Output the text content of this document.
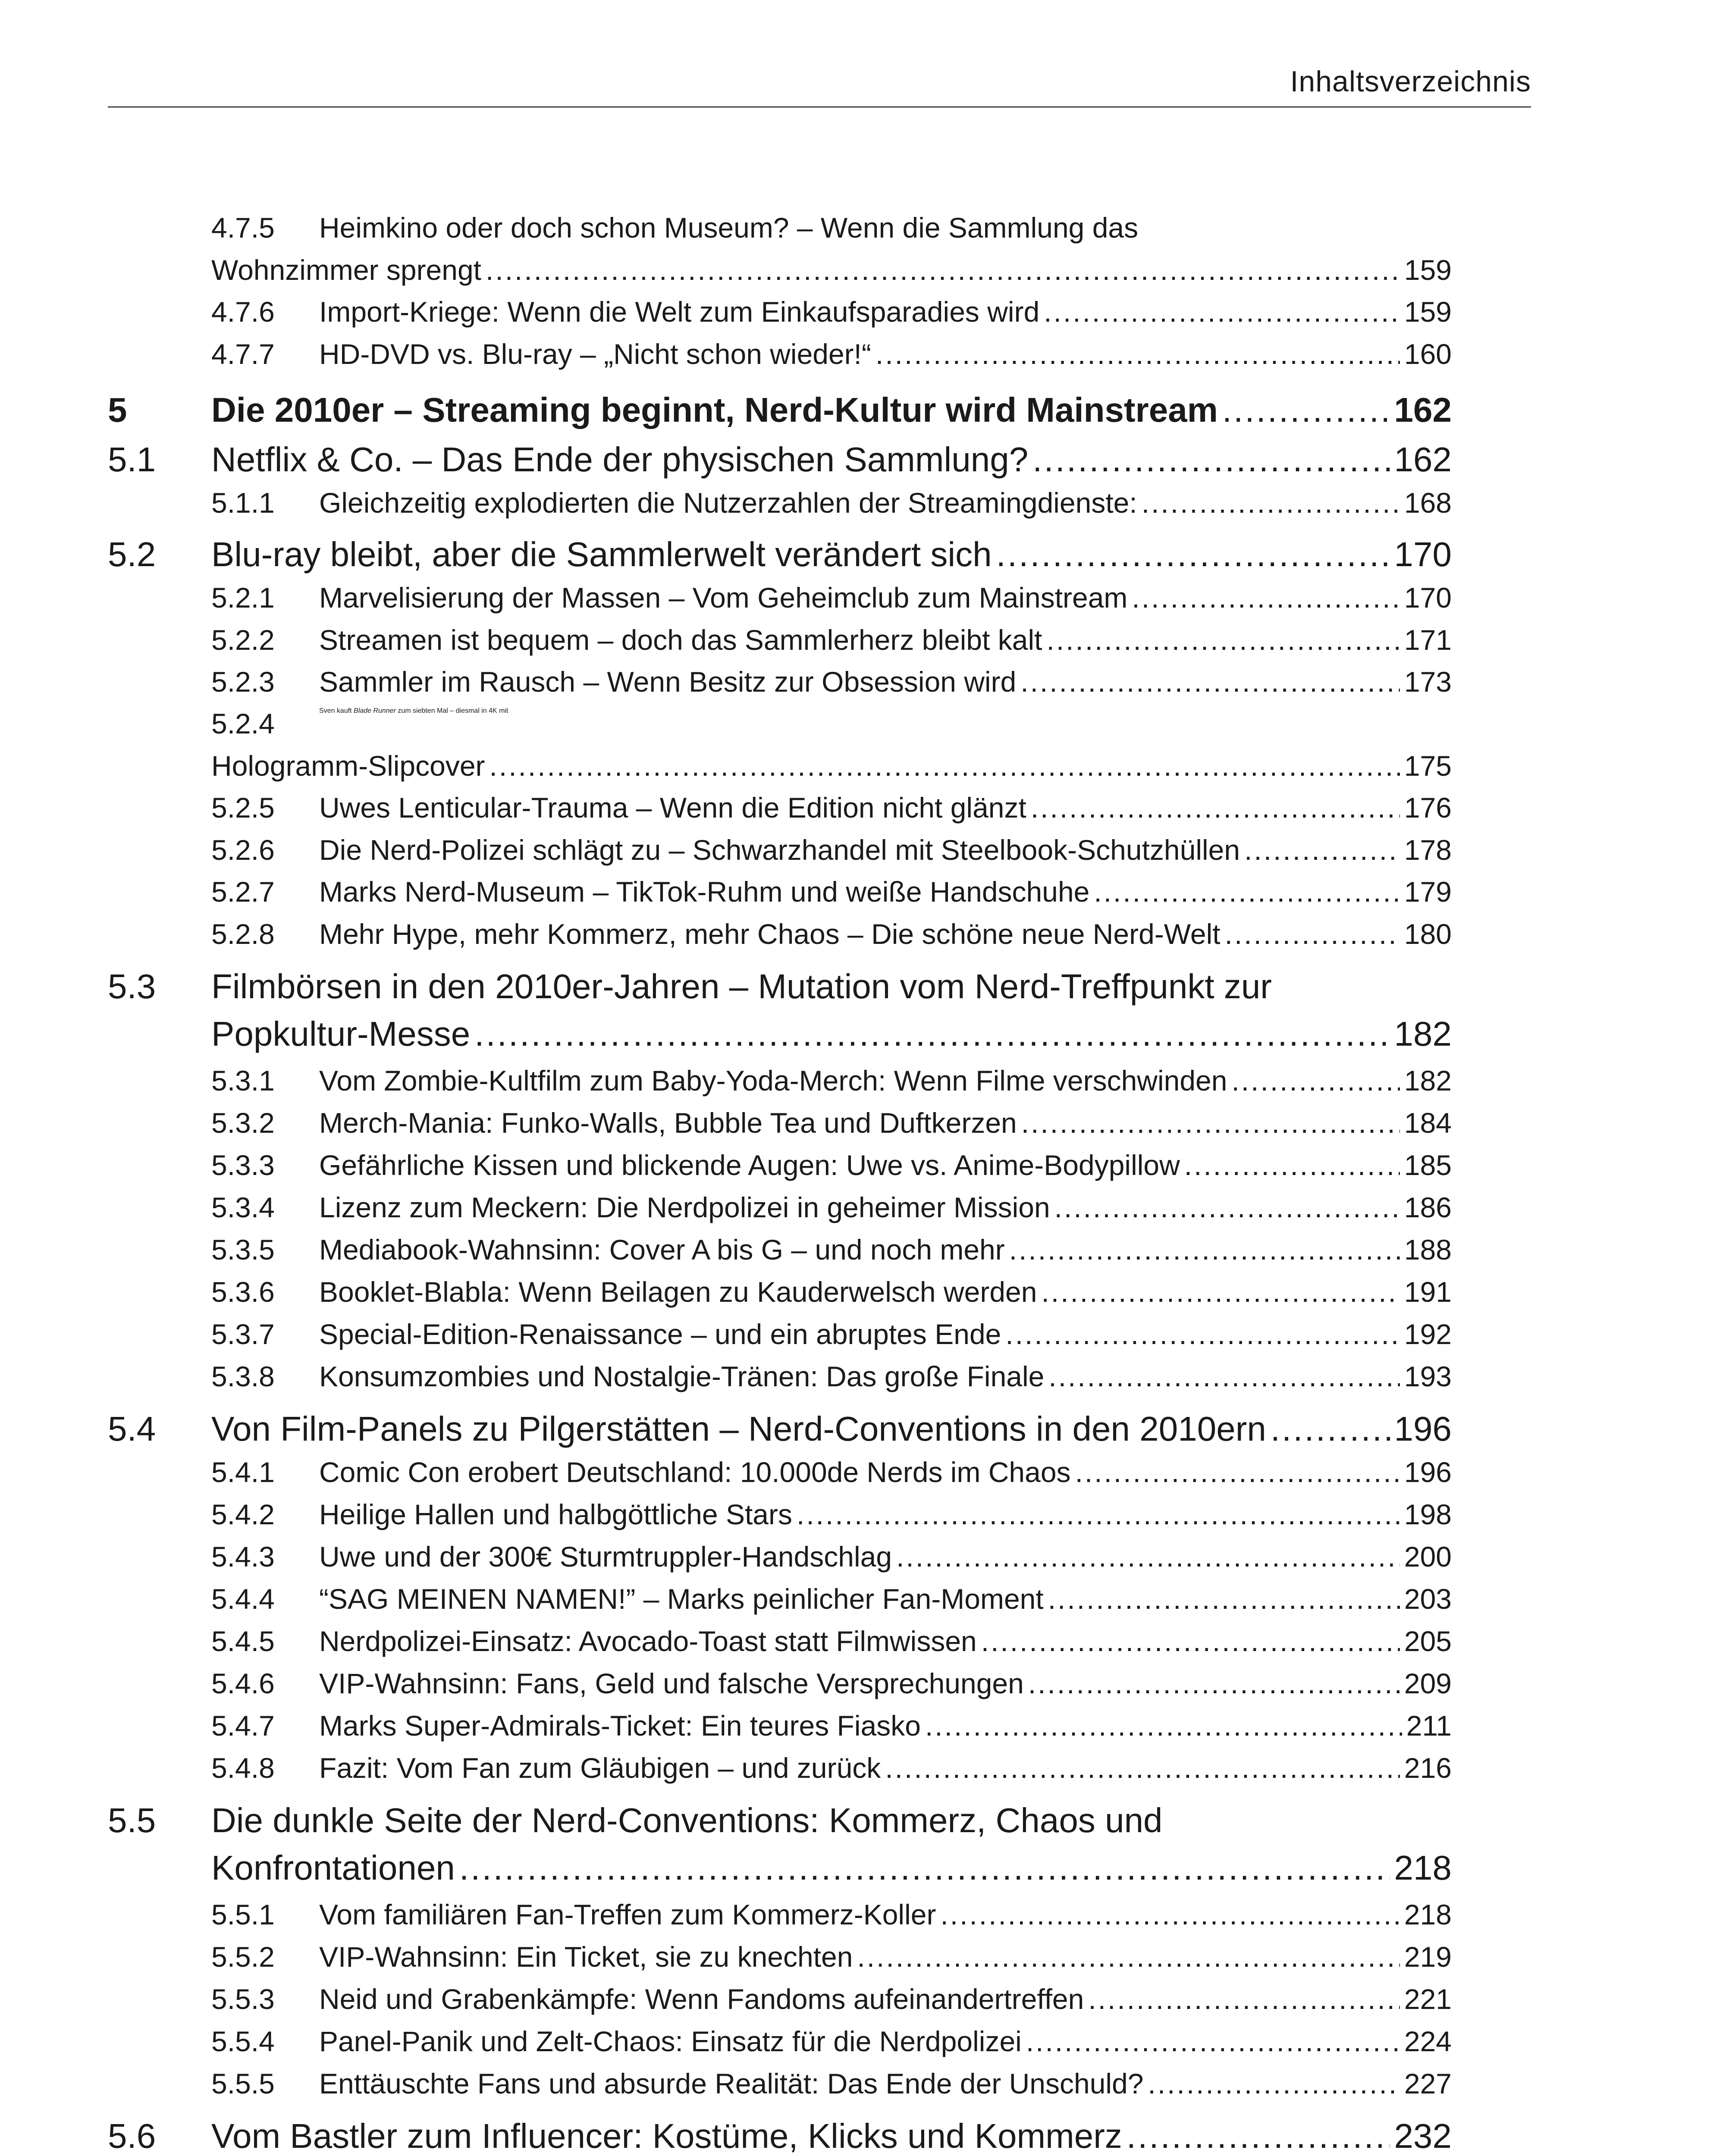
Inhaltsverzeichnis
4.7.5 Heimkino oder doch schon Museum? – Wenn die Sammlung das
Wohnzimmer sprengt .....	159
4.7.6 Import-Kriege: Wenn die Welt zum Einkaufsparadies wird .....	159
4.7.7 HD-DVD vs. Blu-ray – „Nicht schon wieder!“ .....	160
5 Die 2010er – Streaming beginnt, Nerd-Kultur wird Mainstream .....	162
5.1 Netflix & Co. – Das Ende der physischen Sammlung? .....	162
5.1.1 Gleichzeitig explodierten die Nutzerzahlen der Streamingdienste: .....	168
5.2 Blu-ray bleibt, aber die Sammlerwelt verändert sich .....	170
5.2.1 Marvelisierung der Massen – Vom Geheimclub zum Mainstream .....	170
5.2.2 Streamen ist bequem – doch das Sammlerherz bleibt kalt .....	171
5.2.3 Sammler im Rausch – Wenn Besitz zur Obsession wird .....	173
5.2.4	Sven kauft Blade Runner zum siebten Mal – diesmal in 4K mit
Hologramm-Slipcover .....	175
5.2.5 Uwes Lenticular-Trauma – Wenn die Edition nicht glänzt .....	176
5.2.6 Die Nerd-Polizei schlägt zu – Schwarzhandel mit Steelbook-Schutzhüllen .....	178
5.2.7 Marks Nerd-Museum – TikTok-Ruhm und weiße Handschuhe .....	179
5.2.8 Mehr Hype, mehr Kommerz, mehr Chaos – Die schöne neue Nerd-Welt .....	180
5.3 Filmbörsen in den 2010er-Jahren – Mutation vom Nerd-Treffpunkt zur
Popkultur-Messe .....	182
5.3.1 Vom Zombie-Kultfilm zum Baby-Yoda-Merch: Wenn Filme verschwinden .....	182
5.3.2 Merch-Mania: Funko-Walls, Bubble Tea und Duftkerzen .....	184
5.3.3 Gefährliche Kissen und blickende Augen: Uwe vs. Anime-Bodypillow .....	185
5.3.4 Lizenz zum Meckern: Die Nerdpolizei in geheimer Mission .....	186
5.3.5 Mediabook-Wahnsinn: Cover A bis G – und noch mehr .....	188
5.3.6 Booklet-Blabla: Wenn Beilagen zu Kauderwelsch werden .....	191
5.3.7 Special-Edition-Renaissance – und ein abruptes Ende .....	192
5.3.8 Konsumzombies und Nostalgie-Tränen: Das große Finale .....	193
5.4 Von Film-Panels zu Pilgerstätten – Nerd-Conventions in den 2010ern .....	196
5.4.1 Comic Con erobert Deutschland: 10.000de Nerds im Chaos .....	196
5.4.2 Heilige Hallen und halbgöttliche Stars .....	198
5.4.3 Uwe und der 300€ Sturmtruppler-Handschlag .....	200
5.4.4 “SAG MEINEN NAMEN!” – Marks peinlicher Fan-Moment .....	203
5.4.5 Nerdpolizei-Einsatz: Avocado-Toast statt Filmwissen .....	205
5.4.6 VIP-Wahnsinn: Fans, Geld und falsche Versprechungen .....	209
5.4.7 Marks Super-Admirals-Ticket: Ein teures Fiasko .....	211
5.4.8 Fazit: Vom Fan zum Gläubigen – und zurück .....	216
5.5 Die dunkle Seite der Nerd-Conventions: Kommerz, Chaos und
Konfrontationen .....	218
5.5.1 Vom familiären Fan-Treffen zum Kommerz-Koller .....	218
5.5.2 VIP-Wahnsinn: Ein Ticket, sie zu knechten .....	219
5.5.3 Neid und Grabenkämpfe: Wenn Fandoms aufeinandertreffen .....	221
5.5.4 Panel-Panik und Zelt-Chaos: Einsatz für die Nerdpolizei .....	224
5.5.5 Enttäuschte Fans und absurde Realität: Das Ende der Unschuld? .....	227
5.6 Vom Bastler zum Influencer: Kostüme, Klicks und Kommerz .....	232
